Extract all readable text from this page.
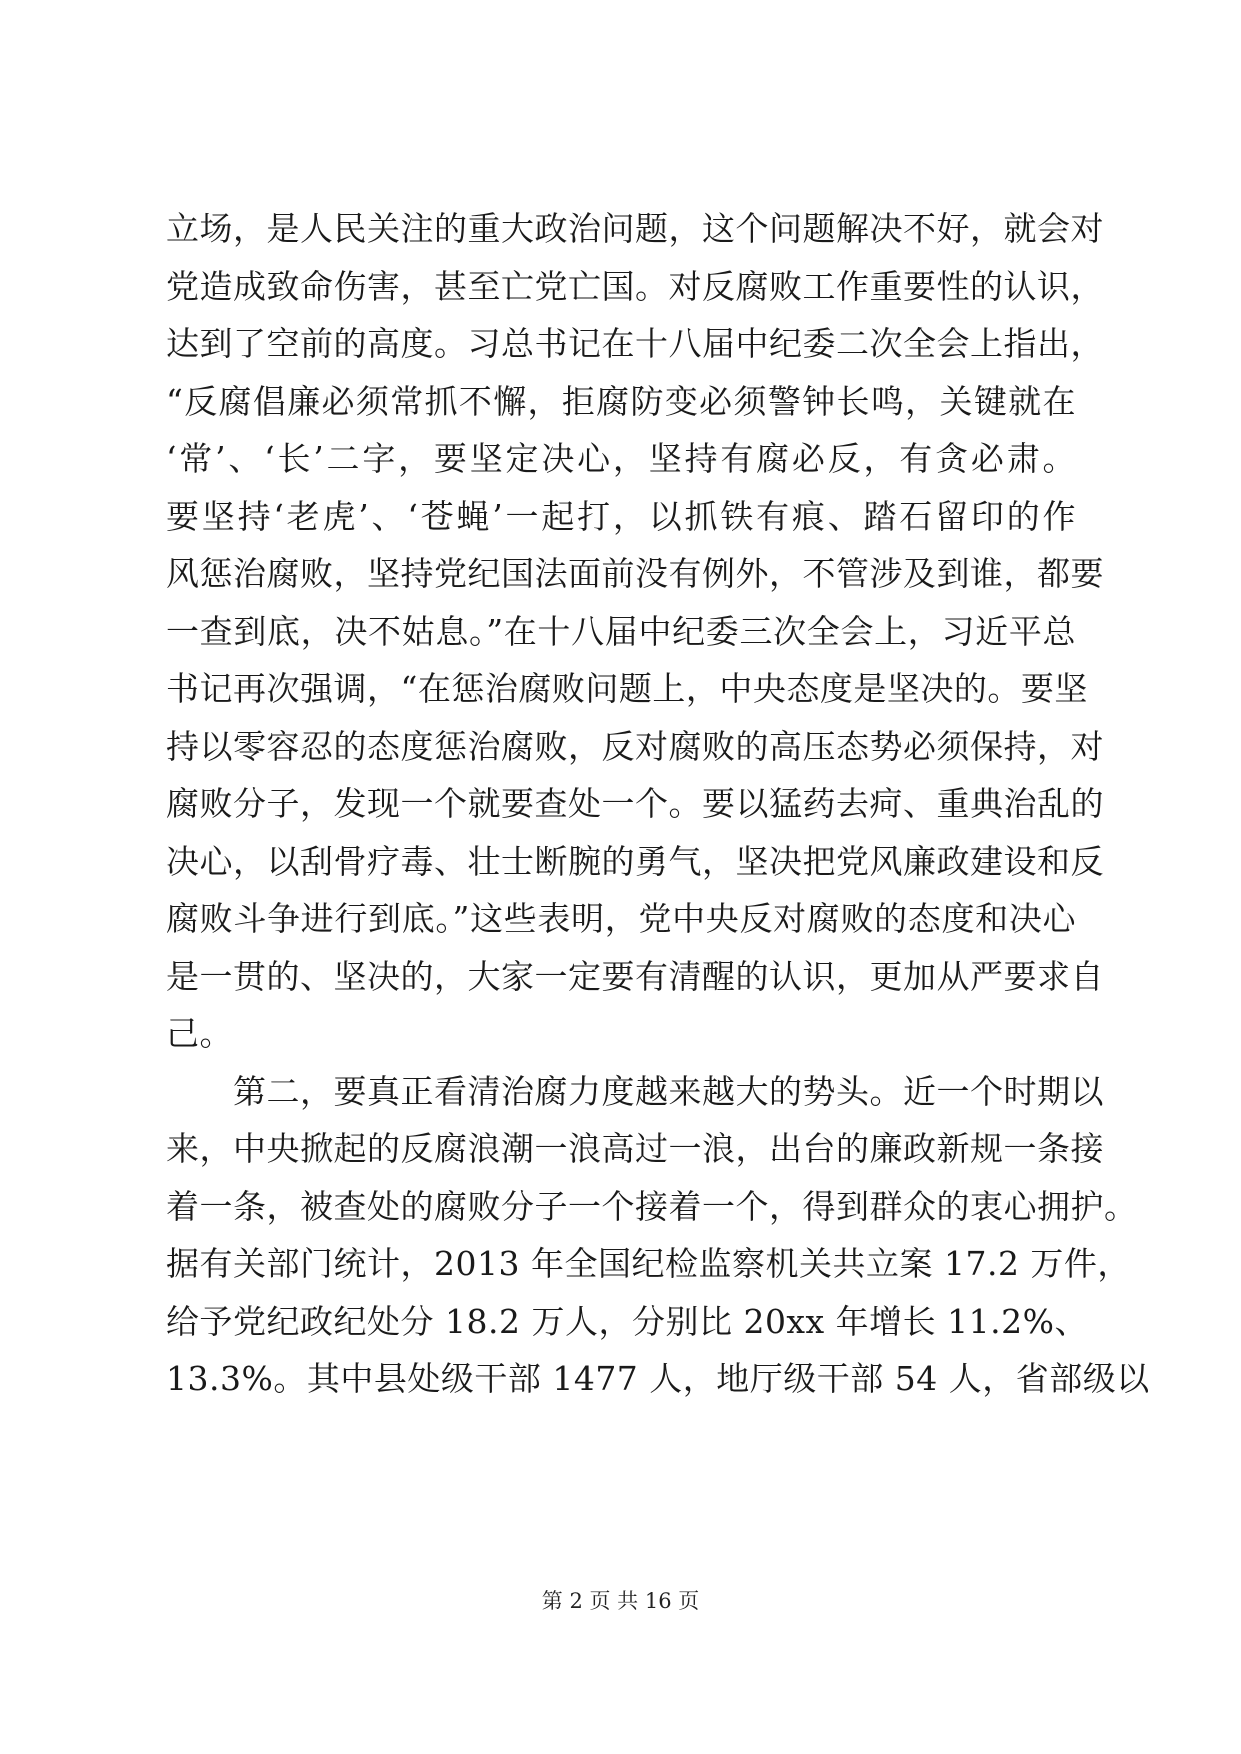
立场，是人民关注的重大政治问题，这个问题解决不好，就会对
党造成致命伤害，甚至亡党亡国。对反腐败工作重要性的认识，
达到了空前的高度。习总书记在十八届中纪委二次全会上指出，
“反腐倡廉必须常抓不懈，拒腐防变必须警钟长鸣，关键就在
‘常’、‘长’二字，要坚定决心，坚持有腐必反，有贪必肃。
要坚持‘老虎’、‘苍蝇’一起打，以抓铁有痕、踏石留印的作
风惩治腐败，坚持党纪国法面前没有例外，不管涉及到谁，都要
一查到底，决不姑息。”在十八届中纪委三次全会上，习近平总
书记再次强调，“在惩治腐败问题上，中央态度是坚决的。要坚
持以零容忍的态度惩治腐败，反对腐败的高压态势必须保持，对
腐败分子，发现一个就要查处一个。要以猛药去疴、重典治乱的
决心，以刮骨疗毒、壮士断腕的勇气，坚决把党风廉政建设和反
腐败斗争进行到底。”这些表明，党中央反对腐败的态度和决心
是一贯的、坚决的，大家一定要有清醒的认识，更加从严要求自
己。
　　第二，要真正看清治腐力度越来越大的势头。近一个时期以
来，中央掀起的反腐浪潮一浪高过一浪，出台的廉政新规一条接
着一条，被查处的腐败分子一个接着一个，得到群众的衷心拥护。
据有关部门统计，2013 年全国纪检监察机关共立案 17.2 万件，
给予党纪政纪处分 18.2 万人，分别比 20xx 年增长 11.2%、
13.3%。其中县处级干部 1477 人，地厅级干部 54 人，省部级以
第 2 页 共 16 页
